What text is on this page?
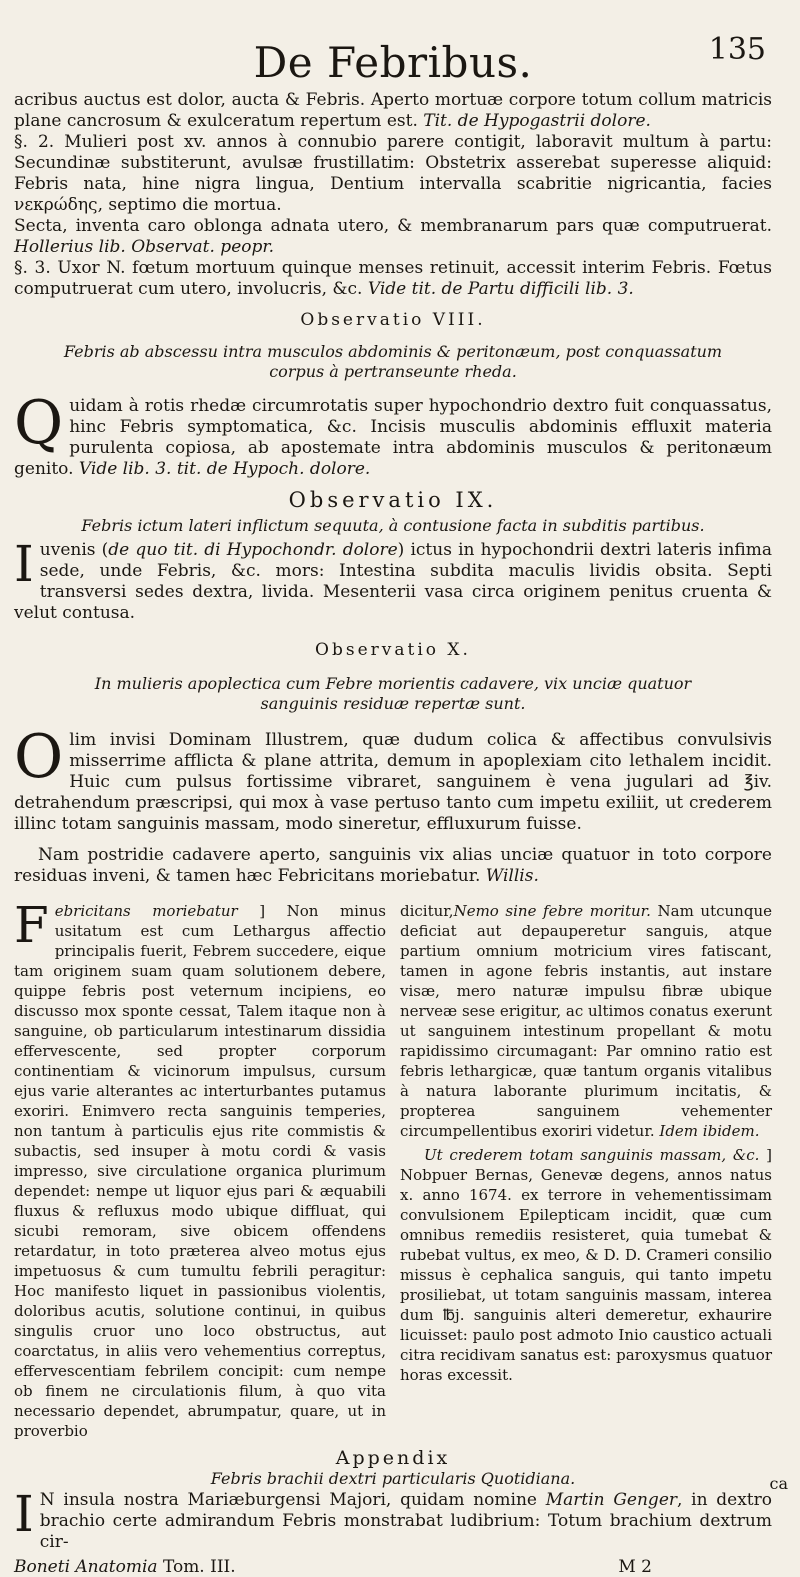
De Febribus.	135

acribus auctus est dolor, aucta & Febris. Aperto mortuæ corpore totum collum matricis plane cancrosum & exulceratum repertum est. Tit. de Hypogastrii dolore.

§. 2. Mulieri post xv. annos à connubio parere contigit, laboravit multum à partu: Secundinæ substiterunt, avulsæ frustillatim: Obstetrix asserebat superesse aliquid: Febris nata, hine nigra lingua, Dentium intervalla scabritie nigricantia, facies νεκρώδης, septimo die mortua.

Secta, inventa caro oblonga adnata utero, & membranarum pars quæ computruerat. Hollerius lib. Observat. peopr.

§. 3. Uxor N. fœtum mortuum quinque menses retinuit, accessit interim Febris. Fœtus computruerat cum utero, involucris, &c. Vide tit. de Partu difficili lib. 3.

Observatio VIII.
Febris ab abscessu intra musculos abdominis & peritonæum, post conquassatum corpus à pertranseunte rheda.

Quidam à rotis rhedæ circumrotatis super hypochondrio dextro fuit conquassatus, hinc Febris symptomatica, &c. Incisis musculis abdominis effluxit materia purulenta copiosa, ab apostemate intra abdominis musculos & peritonæum genito. Vide lib. 3. tit. de Hypoch. dolore.

Observatio IX.
Febris ictum lateri inflictum sequuta, à contusione facta in subditis partibus.

Iuvenis (de quo tit. di Hypochondr. dolore) ictus in hypochondrii dextri lateris infima sede, unde Febris, &c. mors: Intestina subdita maculis lividis obsita. Septi transversi sedes dextra, livida. Mesenterii vasa circa originem penitus cruenta & velut contusa.

Observatio X.
In mulieris apoplectica cum Febre morientis cadavere, vix unciæ quatuor sanguinis residuæ repertæ sunt.

Olim invisi Dominam Illustrem, quæ dudum colica & affectibus convulsivis misserrime afflicta & plane attrita, demum in apoplexiam cito lethalem incidit. Huic cum pulsus fortissime vibraret, sanguinem è vena jugulari ad ℥iv. detrahendum præscripsi, qui mox à vase pertuso tanto cum impetu exiliit, ut crederem illinc totam sanguinis massam, modo sineretur, effluxurum fuisse.

Nam postridie cadavere aperto, sanguinis vix alias unciæ quatuor in toto corpore residuas inveni, & tamen hæc Febricitans moriebatur. Willis.

Febricitans moriebatur ] Non minus usitatum est cum Lethargus affectio principalis fuerit, Febrem succedere, eique tam originem suam quam solutionem debere, quippe febris post veternum incipiens, eo discusso mox sponte cessat, Talem itaque non à sanguine, ob particularum intestinarum dissidia effervescente, sed propter corporum continentiam & vicinorum impulsus, cursum ejus varie alterantes ac interturbantes putamus exoriri. Enimvero recta sanguinis temperies, non tantum à particulis ejus rite commistis & subactis, sed insuper à motu cordi & vasis impresso, sive circulatione organica plurimum dependet: nempe ut liquor ejus pari & æquabili fluxus & refluxus modo ubique diffluat, qui sicubi remoram, sive obicem offendens retardatur, in toto præterea alveo motus ejus impetuosus & cum tumultu febrili peragitur: Hoc manifesto liquet in passionibus violentis, doloribus acutis, solutione continui, in quibus singulis cruor uno loco obstructus, aut coarctatus, in aliis vero vehementius correptus, effervescentiam febrilem concipit: cum nempe ob finem ne circulationis filum, à quo vita necessario dependet, abrumpatur, quare, ut in proverbio

dicitur,Nemo sine febre moritur. Nam utcunque deficiat aut depauperetur sanguis, atque partium omnium motricium vires fatiscant, tamen in agone febris instantis, aut instare visæ, mero naturæ impulsu fibræ ubique nerveæ sese erigitur, ac ultimos conatus exerunt ut sanguinem intestinum propellant & motu rapidissimo circumagant: Par omnino ratio est febris lethargicæ, quæ tantum organis vitalibus à natura laborante plurimum incitatis, & propterea sanguinem vehementer circumpellentibus exoriri videtur. Idem ibidem.

Ut crederem totam sanguinis massam, &c. ] Nobpuer Bernas, Genevæ degens, annos natus x. anno 1674. ex terrore in vehementissimam convulsionem Epilepticam incidit, quæ cum omnibus remediis resisteret, quia tumebat & rubebat vultus, ex meo, & D. D. Crameri consilio missus è cephalica sanguis, qui tanto impetu prosiliebat, ut totam sanguinis massam, interea dum ℔j. sanguinis alteri demeretur, exhaurire licuisset: paulo post admoto Inio caustico actuali citra recidivam sanatus est: paroxysmus quatuor horas excessit.

Appendix
Febris brachii dextri particularis Quotidiana.

I N insula nostra Mariæburgensi Majori, quidam nomine Martin Genger, in dextro brachio certe admirandum Febris monstrabat ludibrium: Totum brachium dextrum cir-

Boneti Anatomia Tom. III.	M 2
ca
